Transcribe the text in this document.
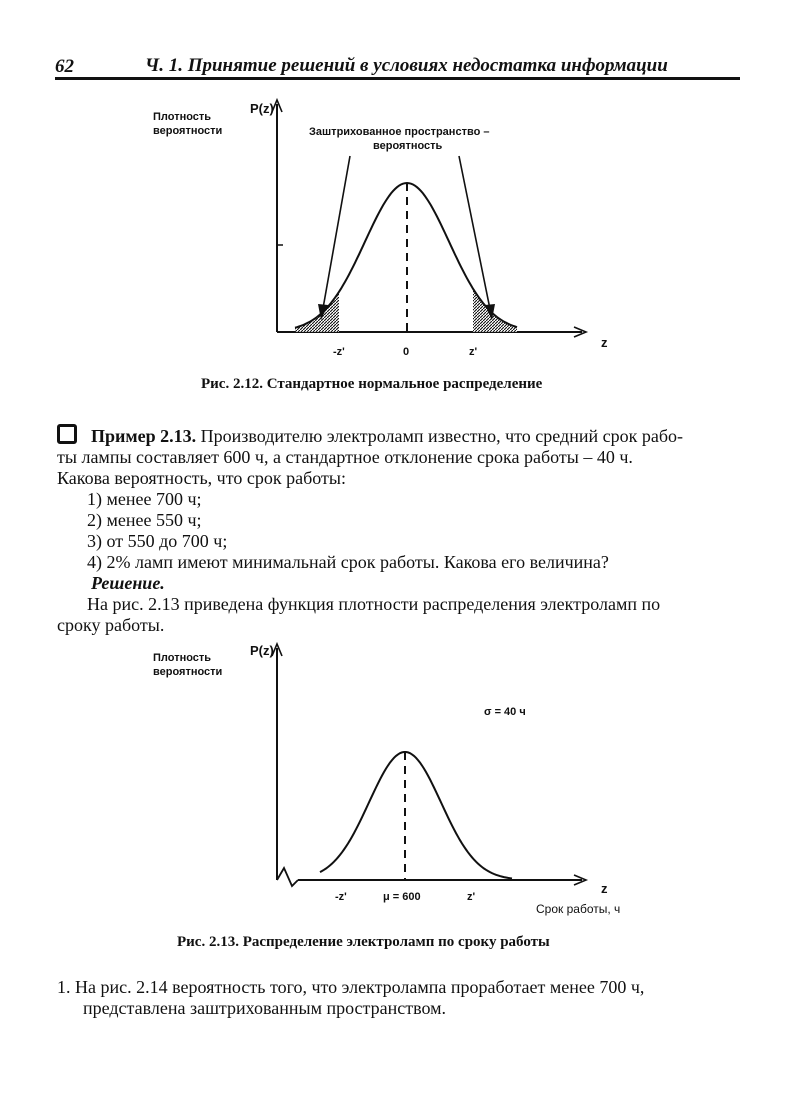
62	Ч. 1. Принятие решений в условиях недостатка информации
Плотность
вероятности
P(z)
Заштрихованное пространство –
вероятность
-z'	0	z'
z
Рис. 2.12. Стандартное нормальное распределение

Пример 2.13. Производителю электроламп известно, что средний срок рабо-

ты лампы составляет 600 ч, а стандартное отклонение срока работы – 40 ч.

Какова вероятность, что срок работы:

1) менее 700 ч;

2) менее 550 ч;

3) от 550 до 700 ч;

4) 2% ламп имеют минимальнай срок работы. Какова его величина?

Решение.

На рис. 2.13 приведена функция плотности распределения электроламп по

сроку работы.

Плотность
вероятности
P(z)
σ = 40 ч
-z'	μ = 600	z'
z
Срок работы, ч
Рис. 2.13. Распределение электроламп по сроку работы

1. На рис. 2.14 вероятность того, что электролампа проработает менее 700 ч,

представлена заштрихованным пространством.
